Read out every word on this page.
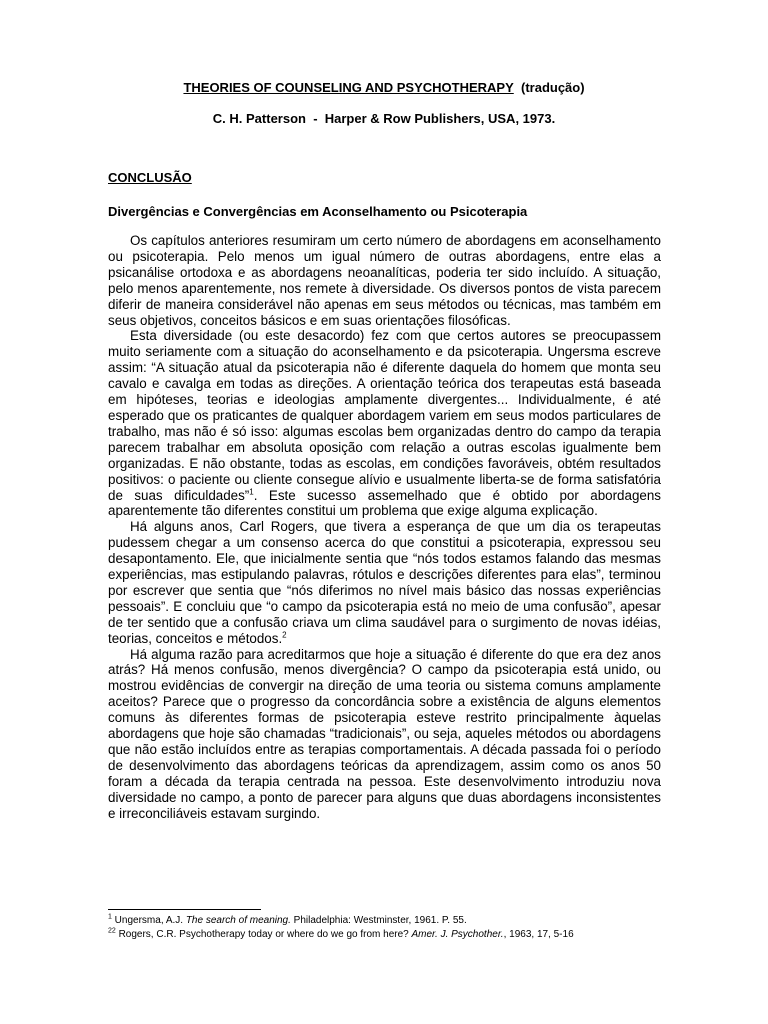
THEORIES OF COUNSELING AND PSYCHOTHERAPY (tradução)
C. H. Patterson  -  Harper & Row Publishers, USA, 1973.
CONCLUSÃO
Divergências e Convergências em Aconselhamento ou Psicoterapia

Os capítulos anteriores resumiram um certo número de abordagens em aconselhamento ou psicoterapia. Pelo menos um igual número de outras abordagens, entre elas a psicanálise ortodoxa e as abordagens neoanalíticas, poderia ter sido incluído. A situação, pelo menos aparentemente, nos remete à diversidade. Os diversos pontos de vista parecem diferir de maneira considerável não apenas em seus métodos ou técnicas, mas também em seus objetivos, conceitos básicos e em suas orientações filosóficas.

Esta diversidade (ou este desacordo) fez com que certos autores se preocupassem muito seriamente com a situação do aconselhamento e da psicoterapia. Ungersma escreve assim: “A situação atual da psicoterapia não é diferente daquela do homem que monta seu cavalo e cavalga em todas as direções. A orientação teórica dos terapeutas está baseada em hipóteses, teorias e ideologias amplamente divergentes... Individualmente, é até esperado que os praticantes de qualquer abordagem variem em seus modos particulares de trabalho, mas não é só isso: algumas escolas bem organizadas dentro do campo da terapia parecem trabalhar em absoluta oposição com relação a outras escolas igualmente bem organizadas. E não obstante, todas as escolas, em condições favoráveis, obtém resultados positivos: o paciente ou cliente consegue alívio e usualmente liberta-se de forma satisfatória de suas dificuldades”$^1$. Este sucesso assemelhado que é obtido por abordagens aparentemente tão diferentes constitui um problema que exige alguma explicação.

Há alguns anos, Carl Rogers, que tivera a esperança de que um dia os terapeutas pudessem chegar a um consenso acerca do que constitui a psicoterapia, expressou seu desapontamento. Ele, que inicialmente sentia que “nós todos estamos falando das mesmas experiências, mas estipulando palavras, rótulos e descrições diferentes para elas”, terminou por escrever que sentia que “nós diferimos no nível mais básico das nossas experiências pessoais”. E concluiu que “o campo da psicoterapia está no meio de uma confusão”, apesar de ter sentido que a confusão criava um clima saudável para o surgimento de novas idéias, teorias, conceitos e métodos.$^2$

Há alguma razão para acreditarmos que hoje a situação é diferente do que era dez anos atrás? Há menos confusão, menos divergência? O campo da psicoterapia está unido, ou mostrou evidências de convergir na direção de uma teoria ou sistema comuns amplamente aceitos? Parece que o progresso da concordância sobre a existência de alguns elementos comuns às diferentes formas de psicoterapia esteve restrito principalmente àquelas abordagens que hoje são chamadas “tradicionais”, ou seja, aqueles métodos ou abordagens que não estão incluídos entre as terapias comportamentais. A década passada foi o período de desenvolvimento das abordagens teóricas da aprendizagem, assim como os anos 50 foram a década da terapia centrada na pessoa. Este desenvolvimento introduziu nova diversidade no campo, a ponto de parecer para alguns que duas abordagens inconsistentes e irreconciliáveis estavam surgindo.

$^1$ Ungersma, A.J. The search of meaning. Philadelphia: Westminster, 1961. P. 55.
$^{22}$ Rogers, C.R. Psychotherapy today or where do we go from here? Amer. J. Psychother., 1963, 17, 5-16
